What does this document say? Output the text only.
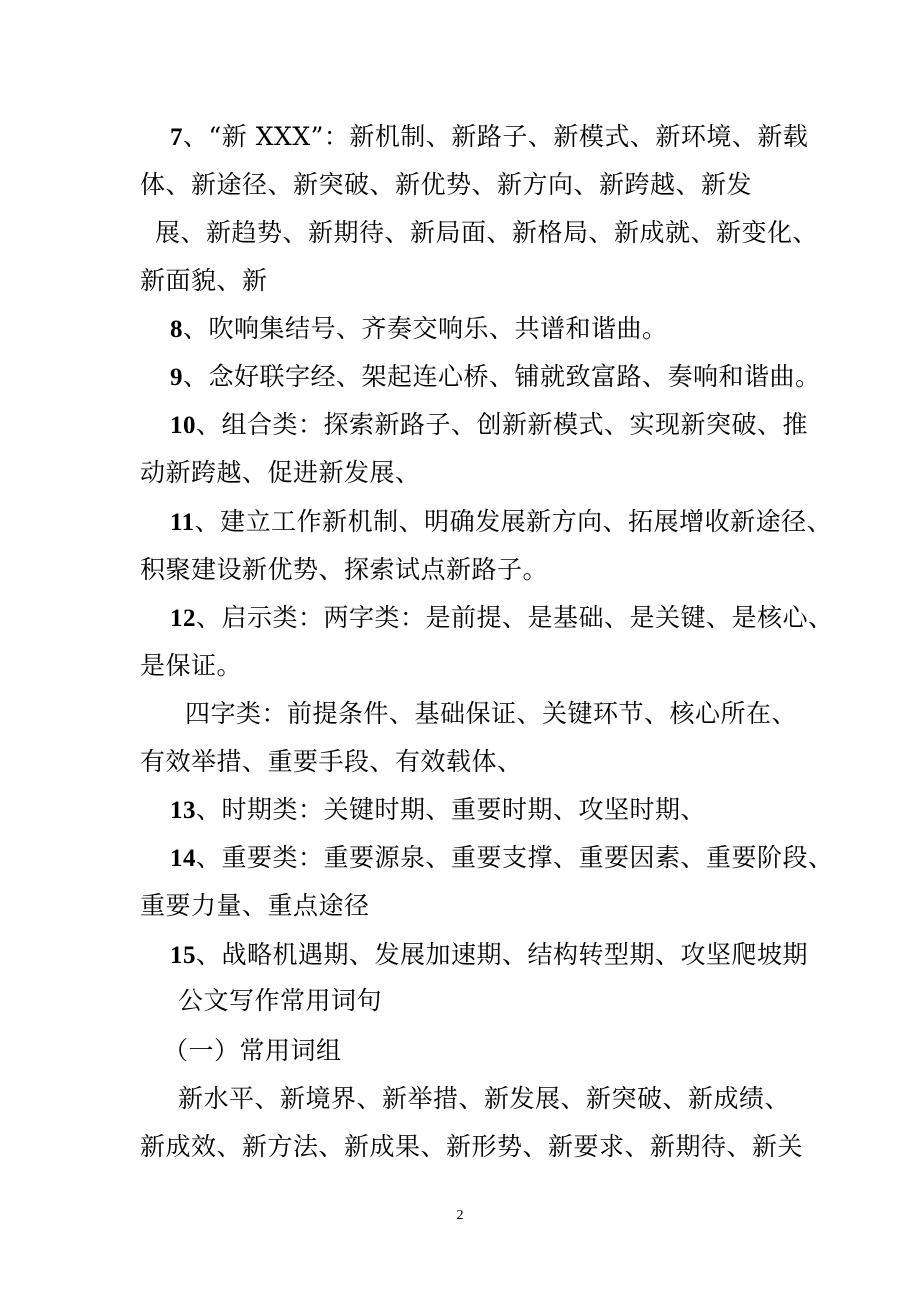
7、“新 XXX”：新机制、新路子、新模式、新环境、新载
体、新途径、新突破、新优势、新方向、新跨越、新发
展、新趋势、新期待、新局面、新格局、新成就、新变化、
新面貌、新
8、吹响集结号、齐奏交响乐、共谱和谐曲。
9、念好联字经、架起连心桥、铺就致富路、奏响和谐曲。
10、组合类：探索新路子、创新新模式、实现新突破、推
动新跨越、促进新发展、
11、建立工作新机制、明确发展新方向、拓展增收新途径、
积聚建设新优势、探索试点新路子。
12、启示类：两字类：是前提、是基础、是关键、是核心、
是保证。
四字类：前提条件、基础保证、关键环节、核心所在、
有效举措、重要手段、有效载体、
13、时期类：关键时期、重要时期、攻坚时期、
14、重要类：重要源泉、重要支撑、重要因素、重要阶段、
重要力量、重点途径
15、战略机遇期、发展加速期、结构转型期、攻坚爬坡期
公文写作常用词句
（一）常用词组
新水平、新境界、新举措、新发展、新突破、新成绩、
新成效、新方法、新成果、新形势、新要求、新期待、新关
2
